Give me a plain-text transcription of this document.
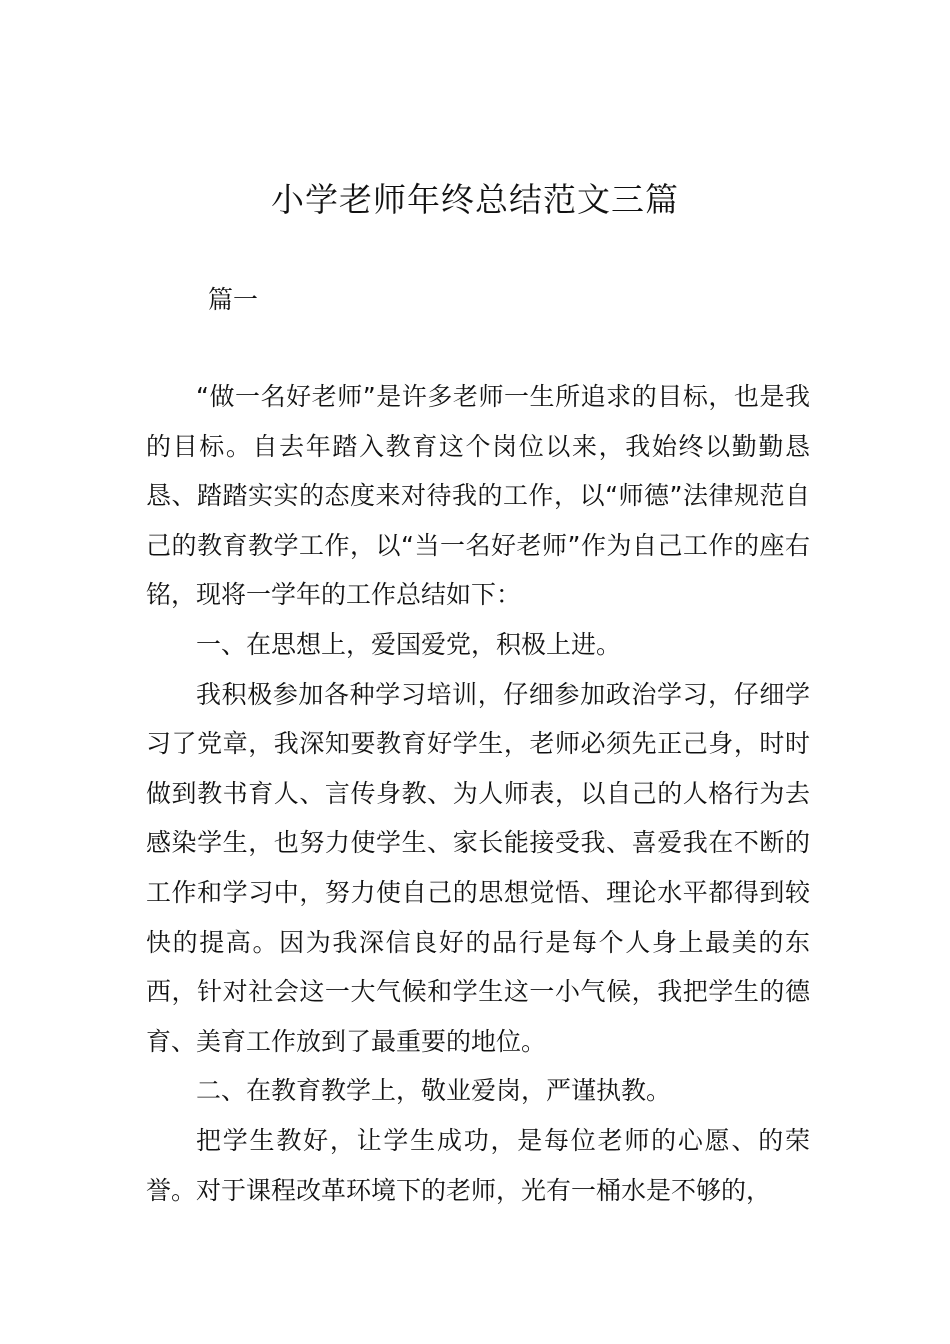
小学老师年终总结范文三篇
篇一

“做一名好老师”是许多老师一生所追求的目标，也是我的目标。自去年踏入教育这个岗位以来，我始终以勤勤恳恳、踏踏实实的态度来对待我的工作，以“师德”法律规范自己的教育教学工作，以“当一名好老师”作为自己工作的座右铭，现将一学年的工作总结如下：

一、在思想上，爱国爱党，积极上进。

我积极参加各种学习培训，仔细参加政治学习，仔细学习了党章，我深知要教育好学生，老师必须先正己身，时时做到教书育人、言传身教、为人师表，以自己的人格行为去感染学生，也努力使学生、家长能接受我、喜爱我在不断的工作和学习中，努力使自己的思想觉悟、理论水平都得到较快的提高。因为我深信良好的品行是每个人身上最美的东西，针对社会这一大气候和学生这一小气候，我把学生的德育、美育工作放到了最重要的地位。

二、在教育教学上，敬业爱岗，严谨执教。

把学生教好，让学生成功，是每位老师的心愿、的荣誉。对于课程改革环境下的老师，光有一桶水是不够的，
